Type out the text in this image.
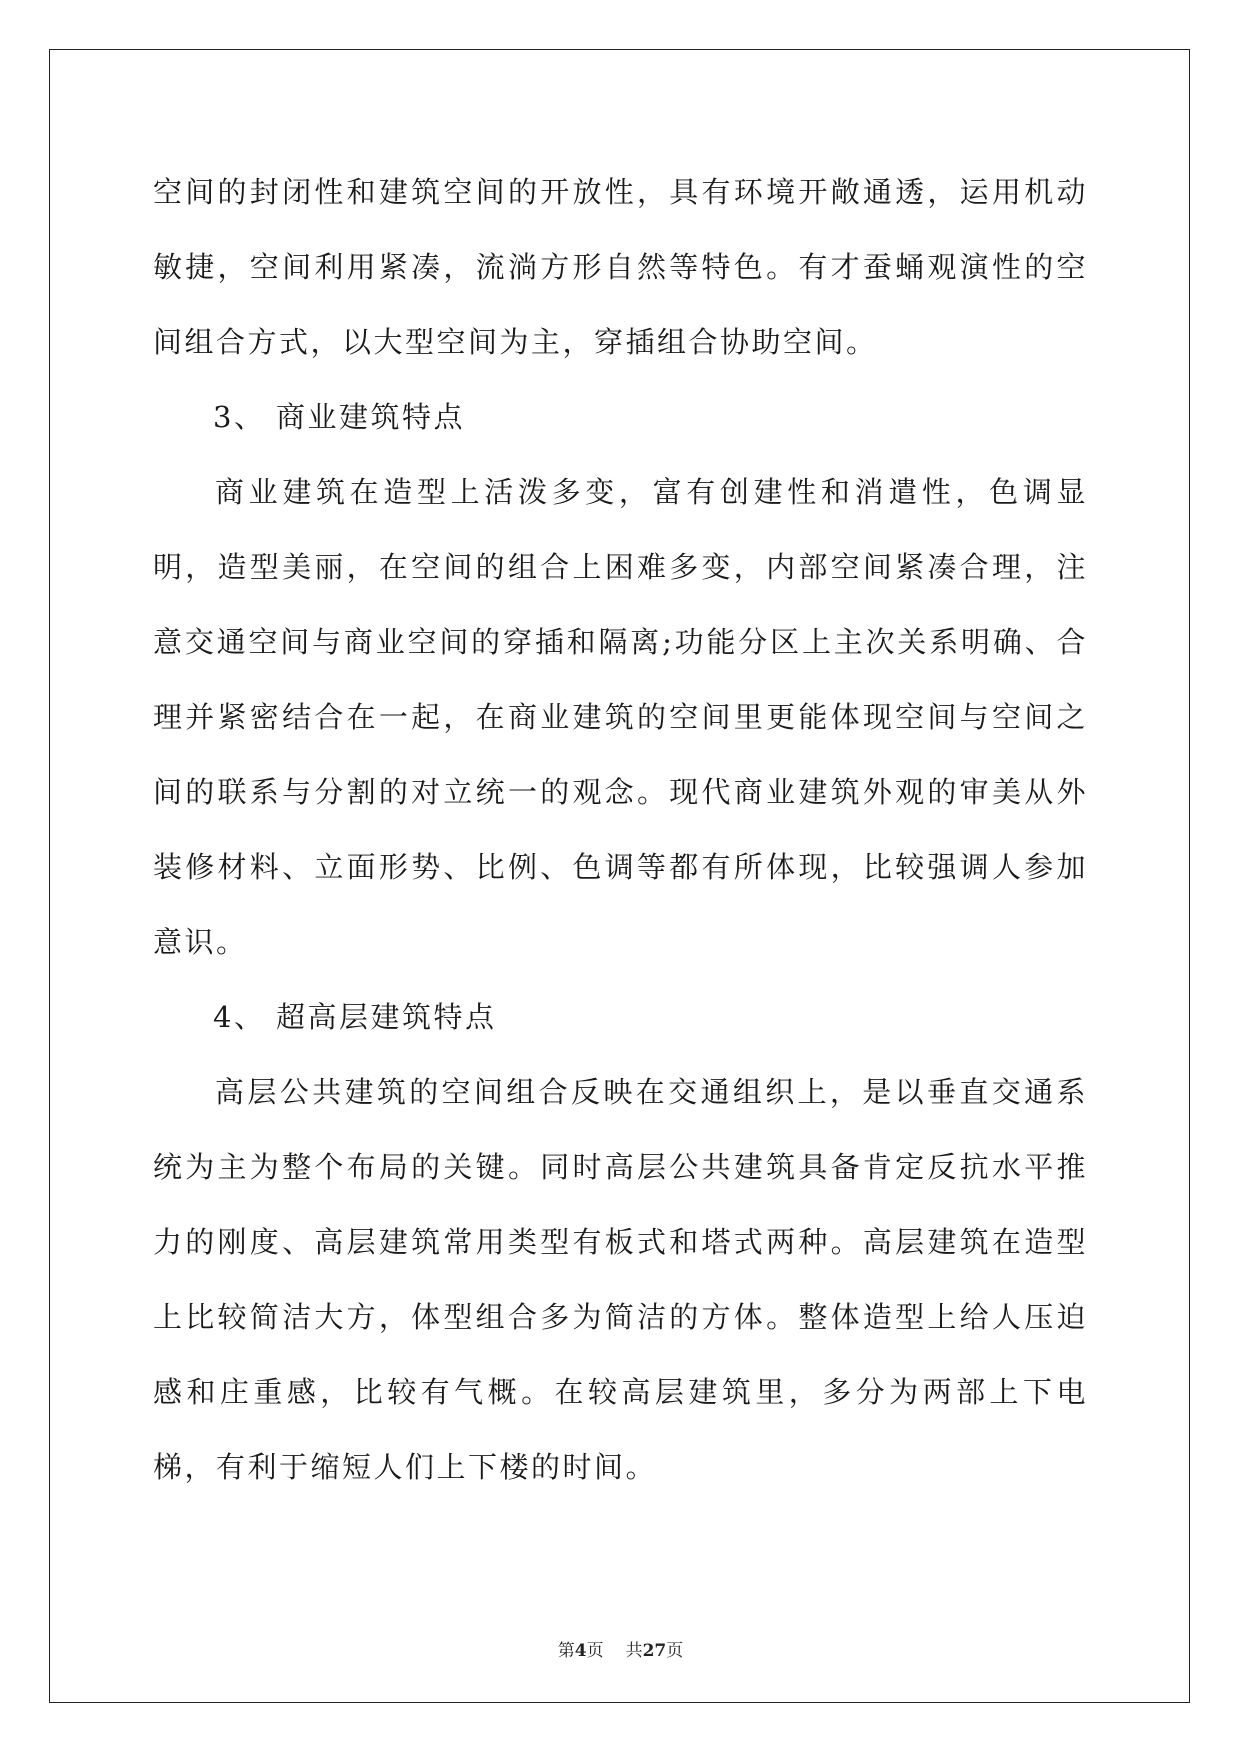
空间的封闭性和建筑空间的开放性，具有环境开敞通透，运用机动敏捷，空间利用紧凑，流淌方形自然等特色。有才蚕蛹观演性的空间组合方式，以大型空间为主，穿插组合协助空间。

3、 商业建筑特点

商业建筑在造型上活泼多变，富有创建性和消遣性，色调显明，造型美丽，在空间的组合上困难多变，内部空间紧凑合理，注意交通空间与商业空间的穿插和隔离;功能分区上主次关系明确、合理并紧密结合在一起，在商业建筑的空间里更能体现空间与空间之间的联系与分割的对立统一的观念。现代商业建筑外观的审美从外装修材料、立面形势、比例、色调等都有所体现，比较强调人参加意识。

4、 超高层建筑特点

高层公共建筑的空间组合反映在交通组织上，是以垂直交通系统为主为整个布局的关键。同时高层公共建筑具备肯定反抗水平推力的刚度、高层建筑常用类型有板式和塔式两种。高层建筑在造型上比较简洁大方，体型组合多为简洁的方体。整体造型上给人压迫感和庄重感，比较有气概。在较高层建筑里，多分为两部上下电梯，有利于缩短人们上下楼的时间。

第4页 共27页
